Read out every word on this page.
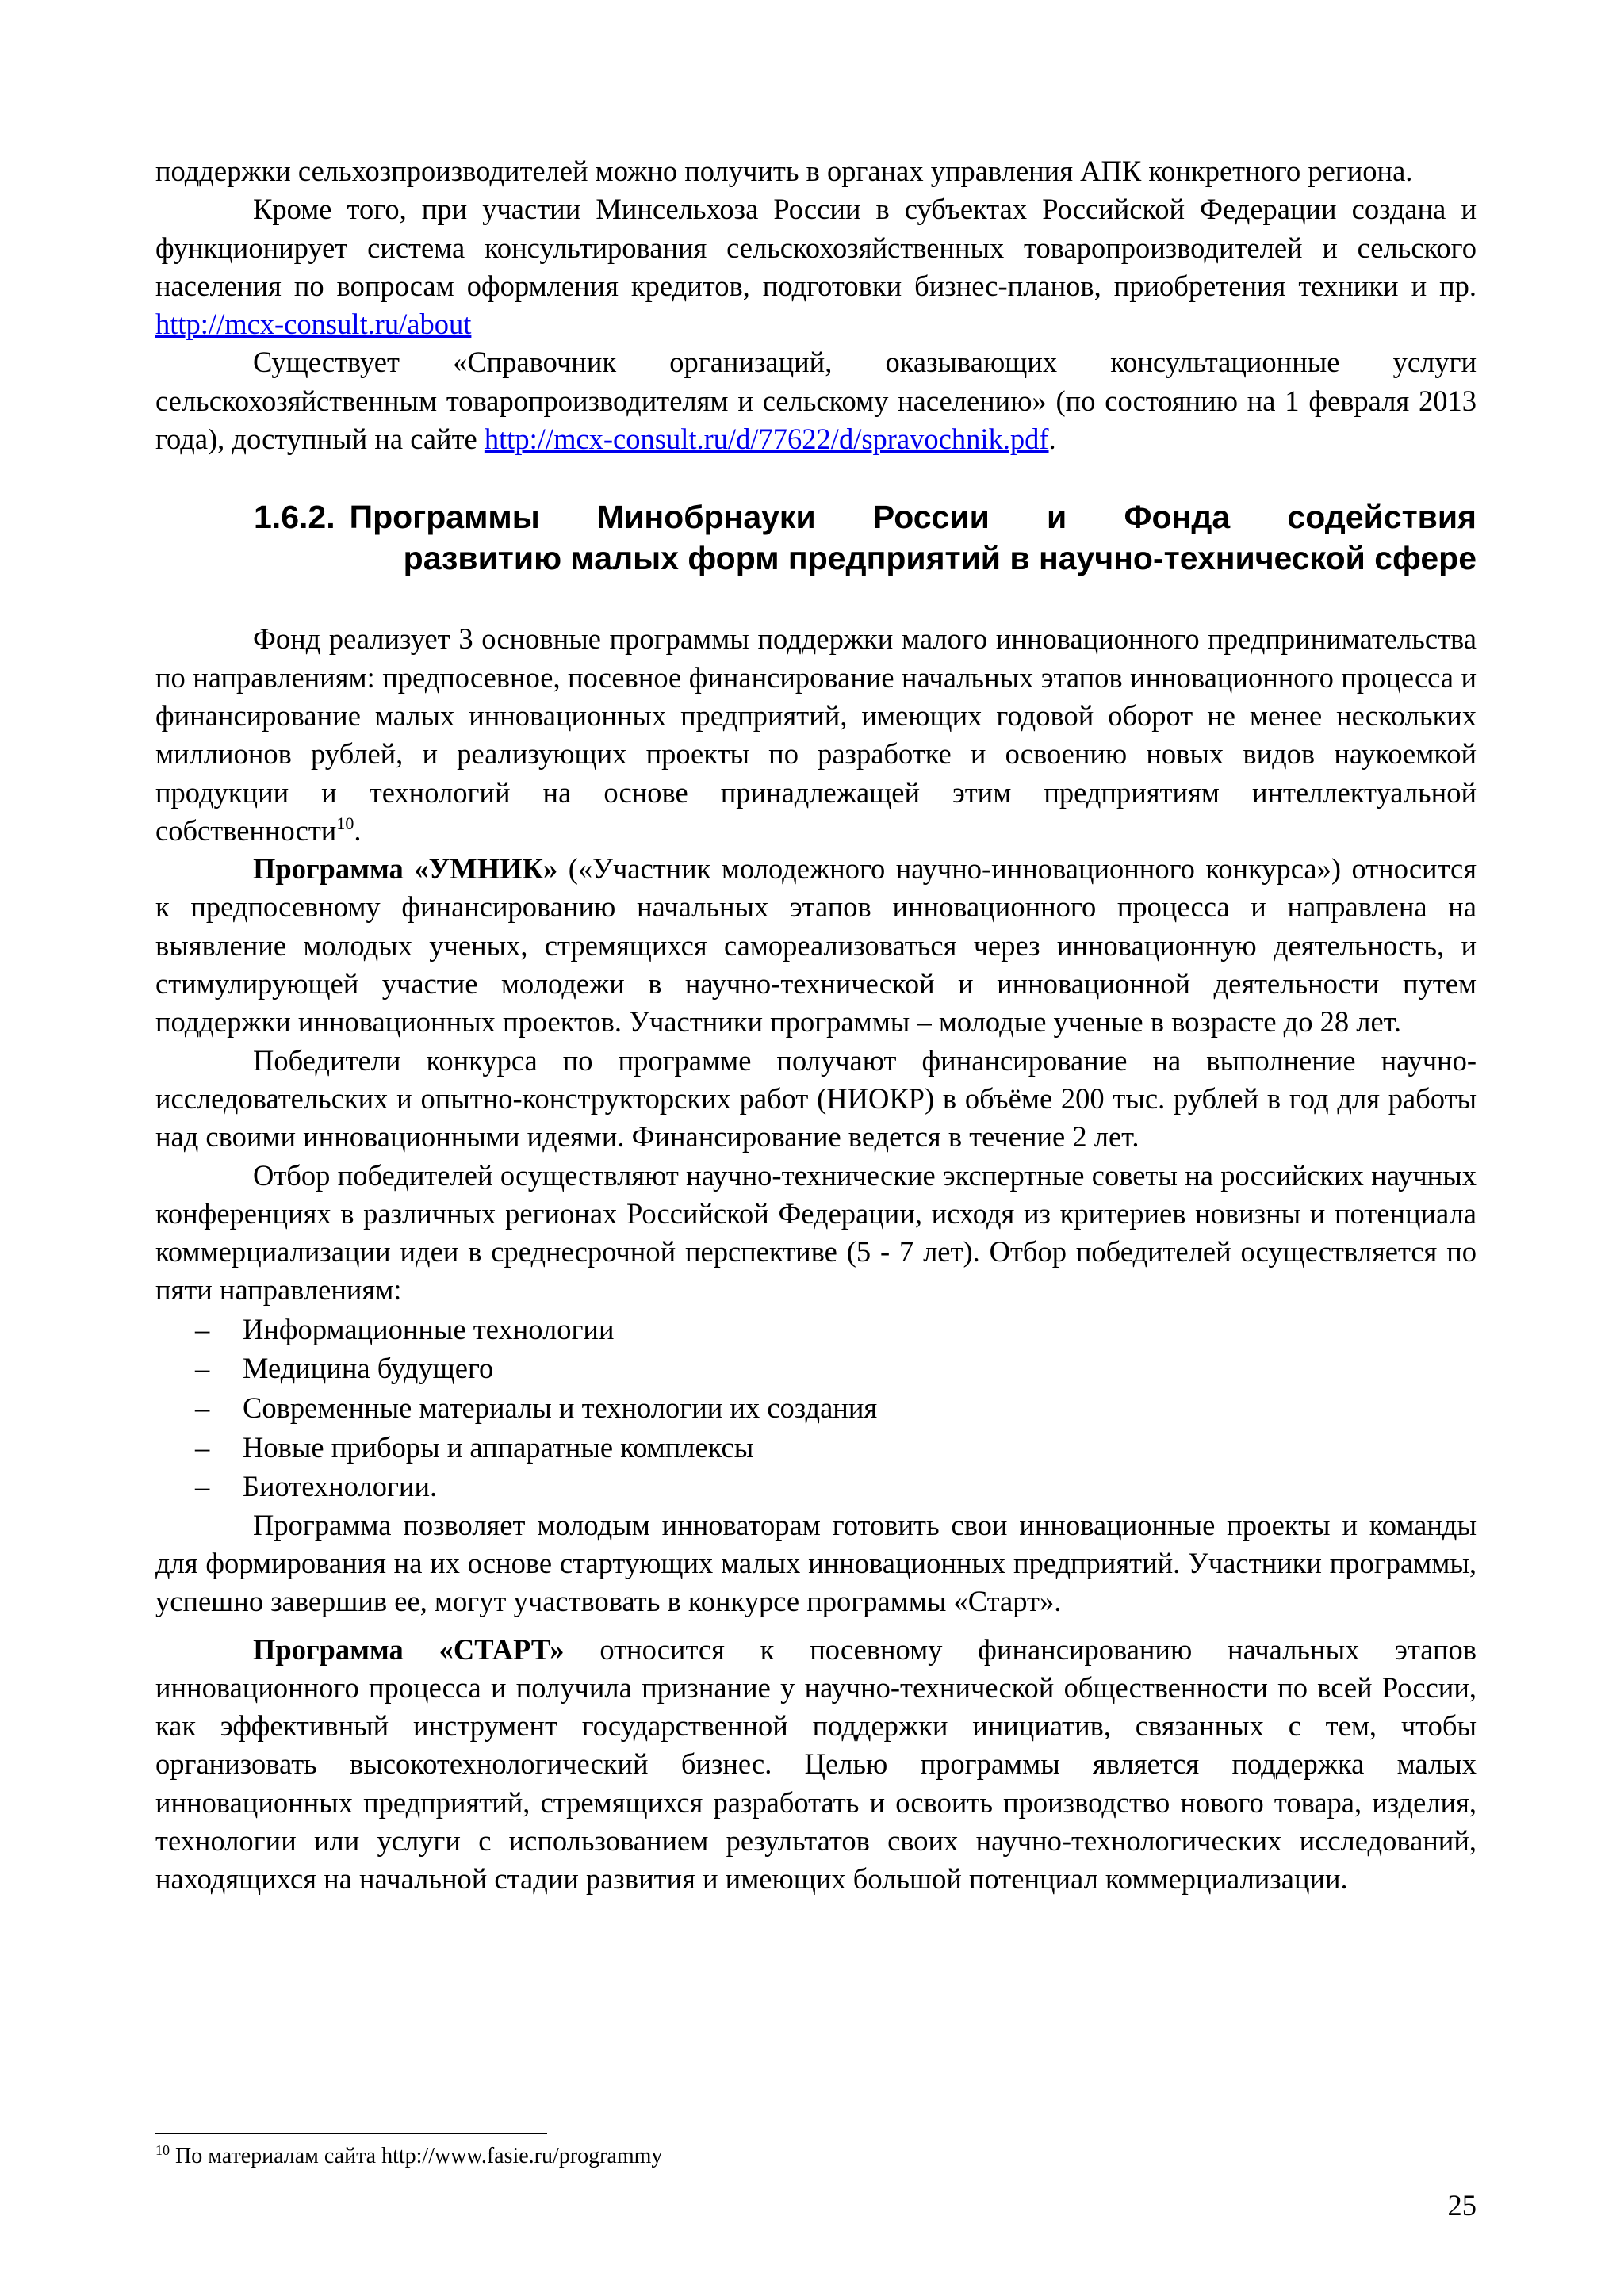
поддержки сельхозпроизводителей можно получить в органах управления АПК конкретного региона.

Кроме того, при участии Минсельхоза России в субъектах Российской Федерации создана и функционирует система консультирования сельскохозяйственных товаропроизводителей и сельского населения по вопросам оформления кредитов, подготовки бизнес-планов, приобретения техники и пр. http://mcx-consult.ru/about

Существует «Справочник организаций, оказывающих консультационные услуги сельскохозяйственным товаропроизводителям и сельскому населению» (по состоянию на 1 февраля 2013 года), доступный на сайте http://mcx-consult.ru/d/77622/d/spravochnik.pdf.

1.6.2. Программы Минобрнауки России и Фонда содействия
развитию малых форм предприятий в научно-технической сфере

Фонд реализует 3 основные программы поддержки малого инновационного предпринимательства по направлениям: предпосевное, посевное финансирование начальных этапов инновационного процесса и финансирование малых инновационных предприятий, имеющих годовой оборот не менее нескольких миллионов рублей, и реализующих проекты по разработке и освоению новых видов наукоемкой продукции и технологий на основе принадлежащей этим предприятиям интеллектуальной собственности$^{10}$.

Программа «УМНИК» («Участник молодежного научно-инновационного конкурса») относится к предпосевному финансированию начальных этапов инновационного процесса и направлена на выявление молодых ученых, стремящихся самореализоваться через инновационную деятельность, и стимулирующей участие молодежи в научно-технической и инновационной деятельности путем поддержки инновационных проектов. Участники программы – молодые ученые в возрасте до 28 лет.

Победители конкурса по программе получают финансирование на выполнение научно-исследовательских и опытно-конструкторских работ (НИОКР) в объёме 200 тыс. рублей в год для работы над своими инновационными идеями. Финансирование ведется в течение 2 лет.

Отбор победителей осуществляют научно-технические экспертные советы на российских научных конференциях в различных регионах Российской Федерации, исходя из критериев новизны и потенциала коммерциализации идеи в среднесрочной перспективе (5 - 7 лет). Отбор победителей осуществляется по пяти направлениям:

– Информационные технологии
– Медицина будущего
– Современные материалы и технологии их создания
– Новые приборы и аппаратные комплексы
– Биотехнологии.

Программа позволяет молодым инноваторам готовить свои инновационные проекты и команды для формирования на их основе стартующих малых инновационных предприятий. Участники программы, успешно завершив ее, могут участвовать в конкурсе программы «Старт».

Программа «СТАРТ» относится к посевному финансированию начальных этапов инновационного процесса и получила признание у научно-технической общественности по всей России, как эффективный инструмент государственной поддержки инициатив, связанных с тем, чтобы организовать высокотехнологический бизнес. Целью программы является поддержка малых инновационных предприятий, стремящихся разработать и освоить производство нового товара, изделия, технологии или услуги с использованием результатов своих научно-технологических исследований, находящихся на начальной стадии развития и имеющих большой потенциал коммерциализации.

$^{10}$ По материалам сайта http://www.fasie.ru/programmy
25
